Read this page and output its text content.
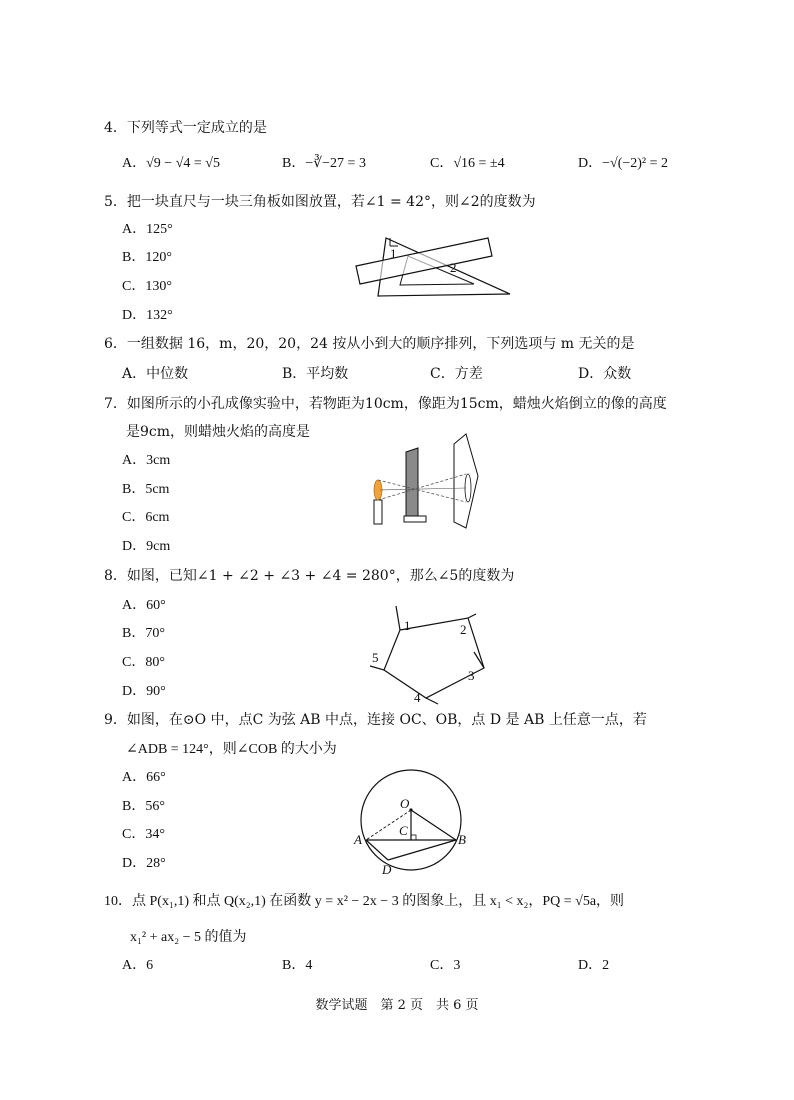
4．下列等式一定成立的是
A．√9 − √4 = √5	B．−∛−27 = 3	C．√16 = ±4	D．−√(−2)² = 2
5．把一块直尺与一块三角板如图放置，若∠1 = 42°，则∠2的度数为
A．125°
B．120°
C．130°
D．132°
1
2
6．一组数据 16，m，20，20，24 按从小到大的顺序排列，下列选项与 m 无关的是
A．中位数	B．平均数	C．方差	D．众数
7．如图所示的小孔成像实验中，若物距为10cm，像距为15cm，蜡烛火焰倒立的像的高度
是9cm，则蜡烛火焰的高度是
A．3cm
B．5cm
C．6cm
D．9cm
8．如图，已知∠1 + ∠2 + ∠3 + ∠4 = 280°，那么∠5的度数为
A．60°
B．70°
C．80°
D．90°
1	2
3
4
5
9．如图，在⊙O 中，点C 为弦 AB 中点，连接 OC、OB，点 D 是 AB 上任意一点，若
∠ADB = 124°，则∠COB 的大小为
A．66°
B．56°
C．34°
D．28°
O
C
A	B
D
10．点 P(x₁,1) 和点 Q(x₂,1) 在函数 y = x² − 2x − 3 的图象上，且 x₁ < x₂，PQ = √5a，则
x₁² + ax₂ − 5 的值为
A．6	B．4	C．3	D．2
数学试题　第 2 页　共 6 页
